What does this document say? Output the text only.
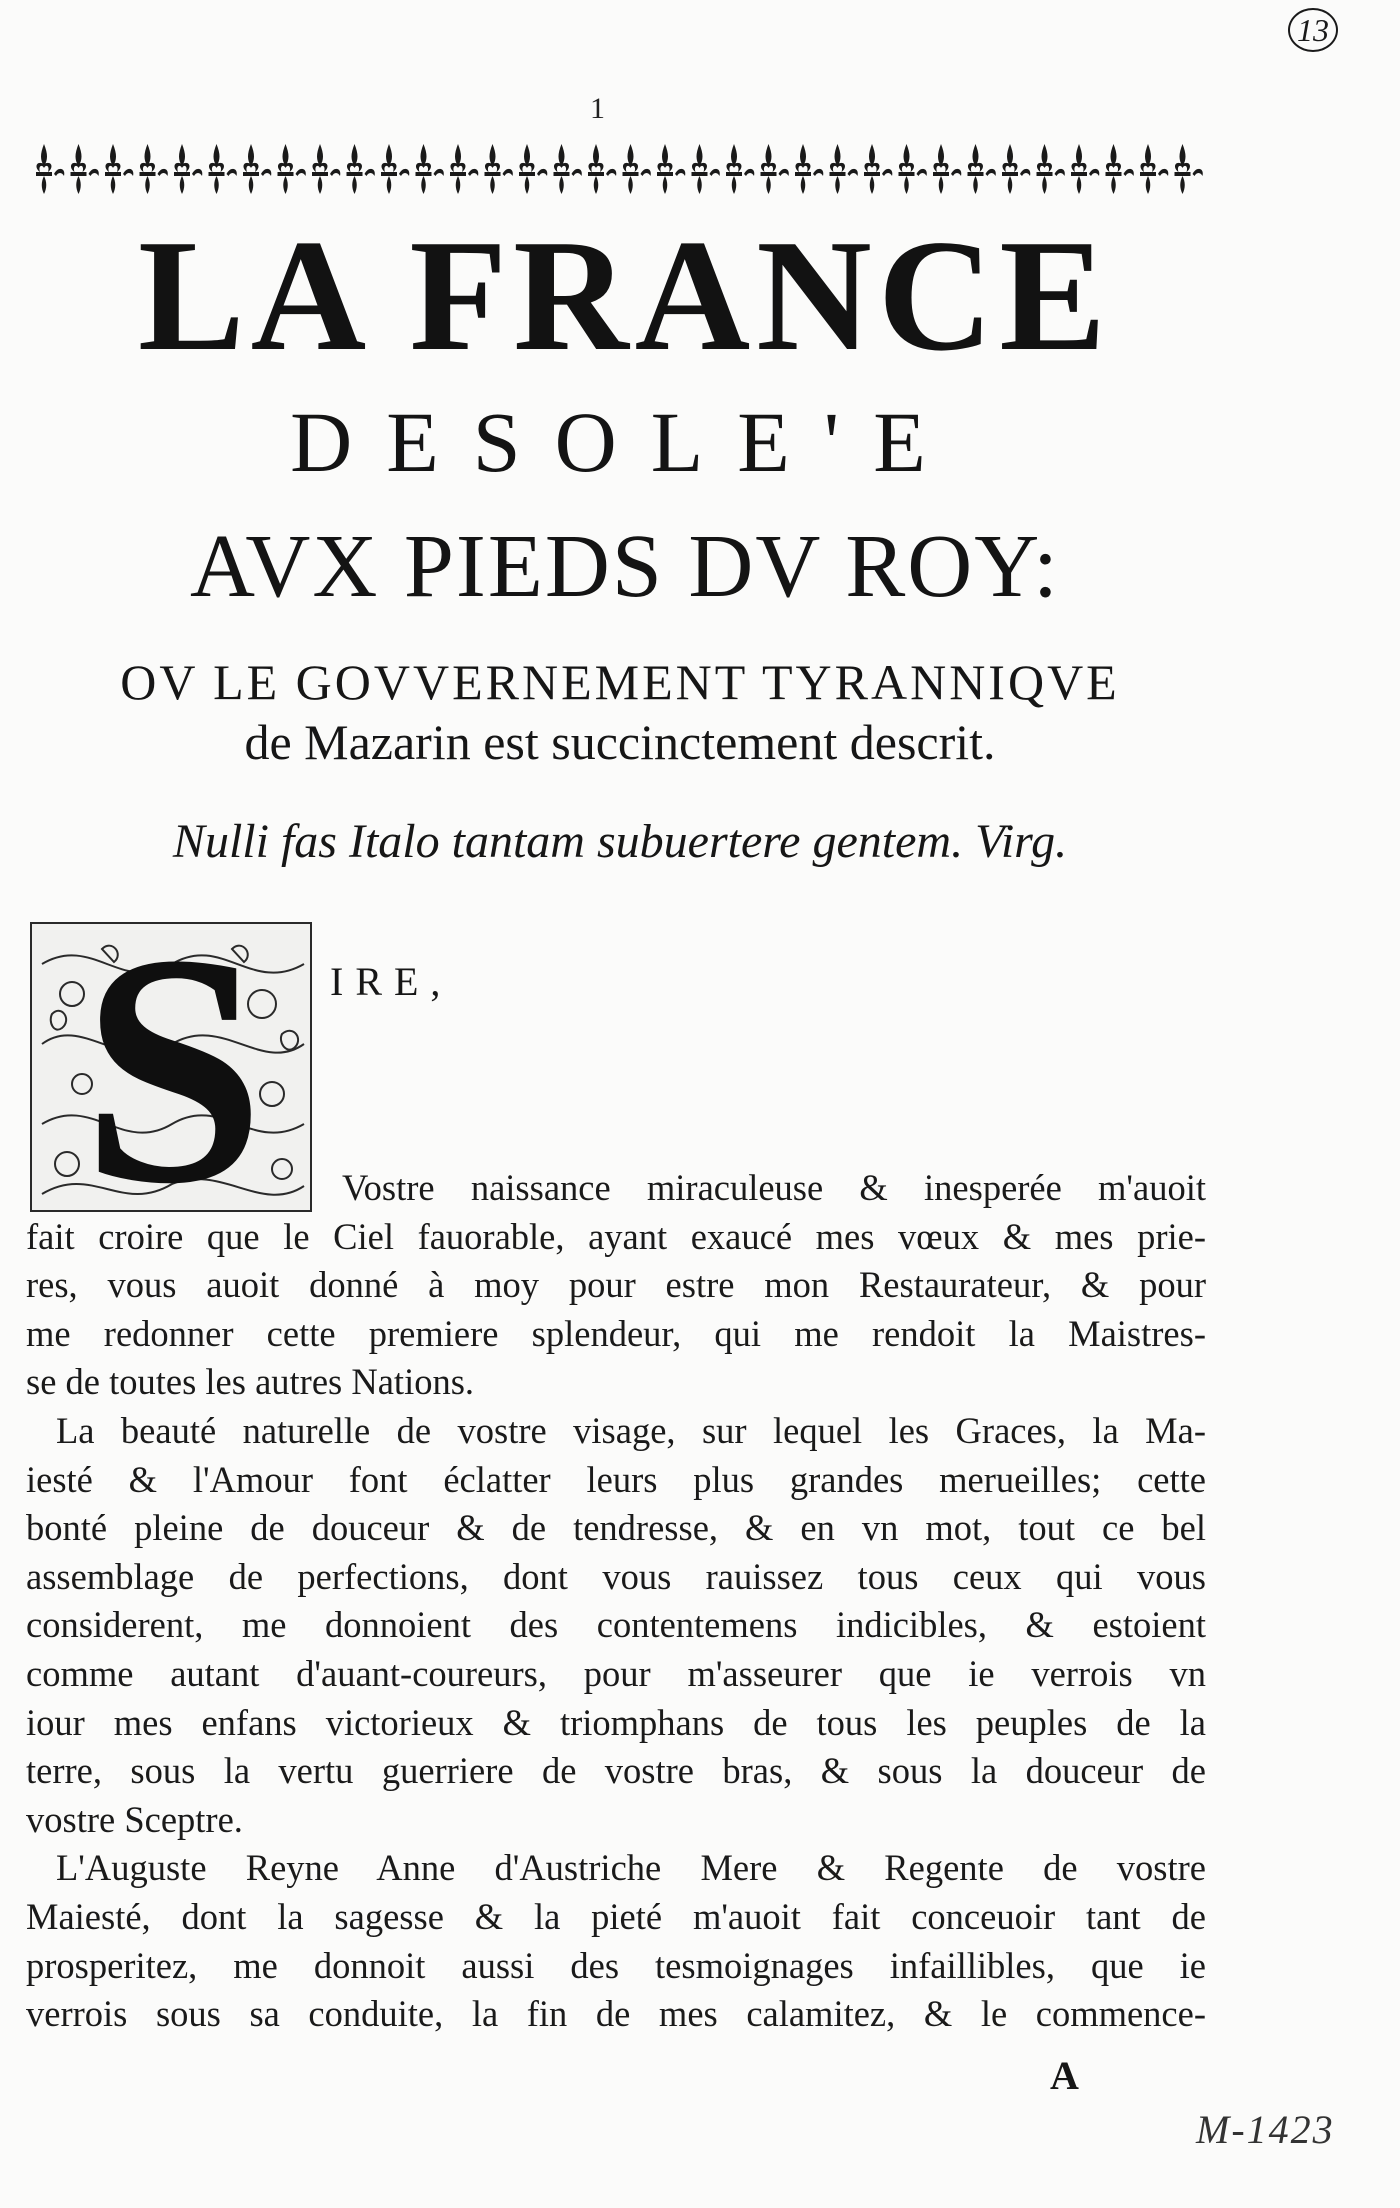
13
1
LA FRANCE
DESOLE'E
AVX PIEDS DV ROY:
OV LE GOVVERNEMENT TYRANNIQVE
de Mazarin est succinctement descrit.
Nulli fas Italo tantam subuertere gentem. Virg.
S	IRE,
Vostre naissance miraculeuse & inesperée m'auoit
fait croire que le Ciel fauorable, ayant exaucé mes vœux & mes prie-
res, vous auoit donné à moy pour estre mon Restaurateur, & pour
me redonner cette premiere splendeur, qui me rendoit la Maistres-
se de toutes les autres Nations.
La beauté naturelle de vostre visage, sur lequel les Graces, la Ma-
iesté & l'Amour font éclatter leurs plus grandes merueilles; cette
bonté pleine de douceur & de tendresse, & en vn mot, tout ce bel
assemblage de perfections, dont vous rauissez tous ceux qui vous
considerent, me donnoient des contentemens indicibles, & estoient
comme autant d'auant-coureurs, pour m'asseurer que ie verrois vn
iour mes enfans victorieux & triomphans de tous les peuples de la
terre, sous la vertu guerriere de vostre bras, & sous la douceur de
vostre Sceptre.
L'Auguste Reyne Anne d'Austriche Mere & Regente de vostre
Maiesté, dont la sagesse & la pieté m'auoit fait conceuoir tant de
prosperitez, me donnoit aussi des tesmoignages infaillibles, que ie
verrois sous sa conduite, la fin de mes calamitez, & le commence-
A
M-1423
